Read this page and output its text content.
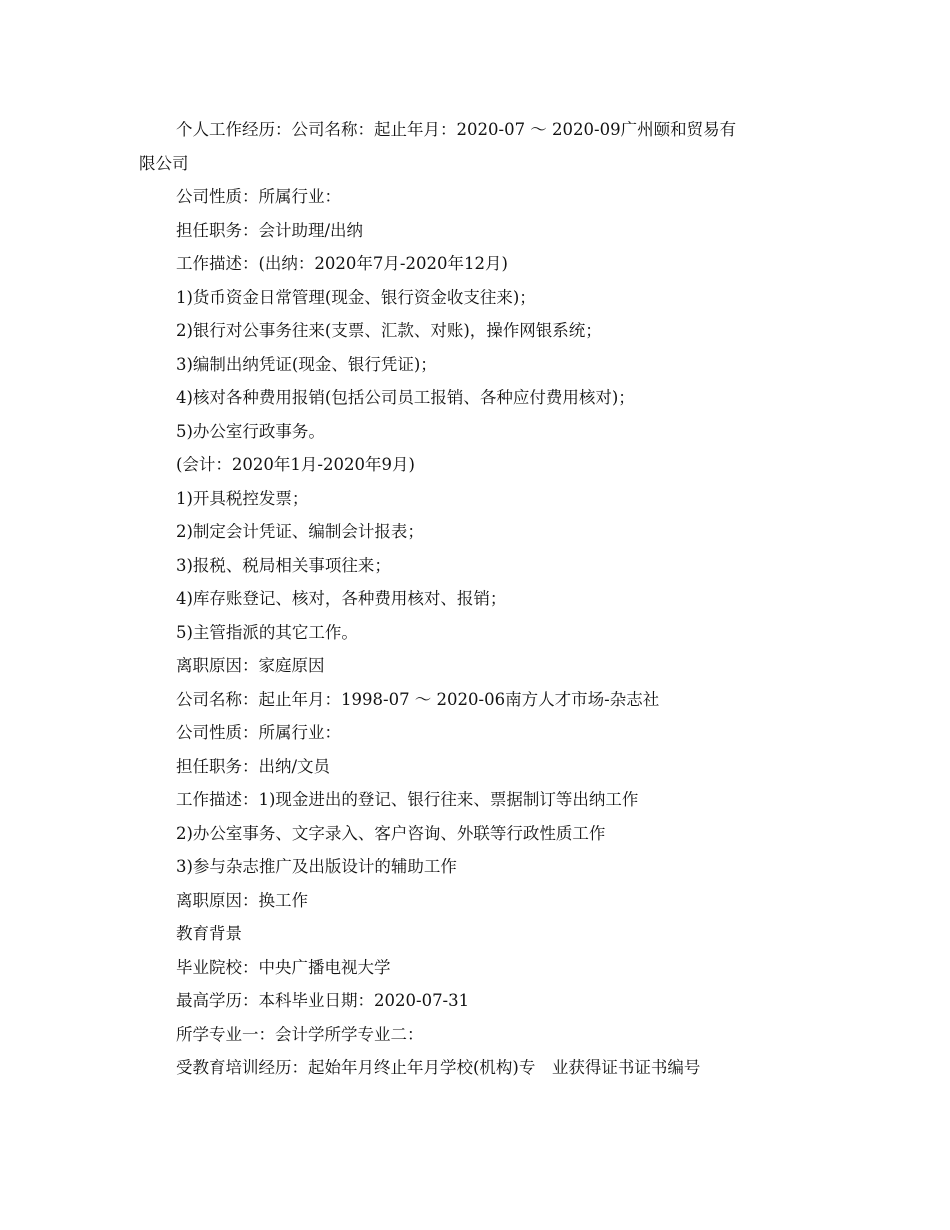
个人工作经历：公司名称：起止年月：2020-07 ～ 2020-09广州颐和贸易有
限公司
公司性质：所属行业：
担任职务：会计助理/出纳
工作描述：(出纳：2020年7月-2020年12月)
1)货币资金日常管理(现金、银行资金收支往来)；
2)银行对公事务往来(支票、汇款、对账)，操作网银系统；
3)编制出纳凭证(现金、银行凭证)；
4)核对各种费用报销(包括公司员工报销、各种应付费用核对)；
5)办公室行政事务。
(会计：2020年1月-2020年9月)
1)开具税控发票；
2)制定会计凭证、编制会计报表；
3)报税、税局相关事项往来；
4)库存账登记、核对，各种费用核对、报销；
5)主管指派的其它工作。
离职原因：家庭原因
公司名称：起止年月：1998-07 ～ 2020-06南方人才市场-杂志社
公司性质：所属行业：
担任职务：出纳/文员
工作描述：1)现金进出的登记、银行往来、票据制订等出纳工作
2)办公室事务、文字录入、客户咨询、外联等行政性质工作
3)参与杂志推广及出版设计的辅助工作
离职原因：换工作
教育背景
毕业院校：中央广播电视大学
最高学历：本科毕业日期：2020-07-31
所学专业一：会计学所学专业二：
受教育培训经历：起始年月终止年月学校(机构)专　业获得证书证书编号
